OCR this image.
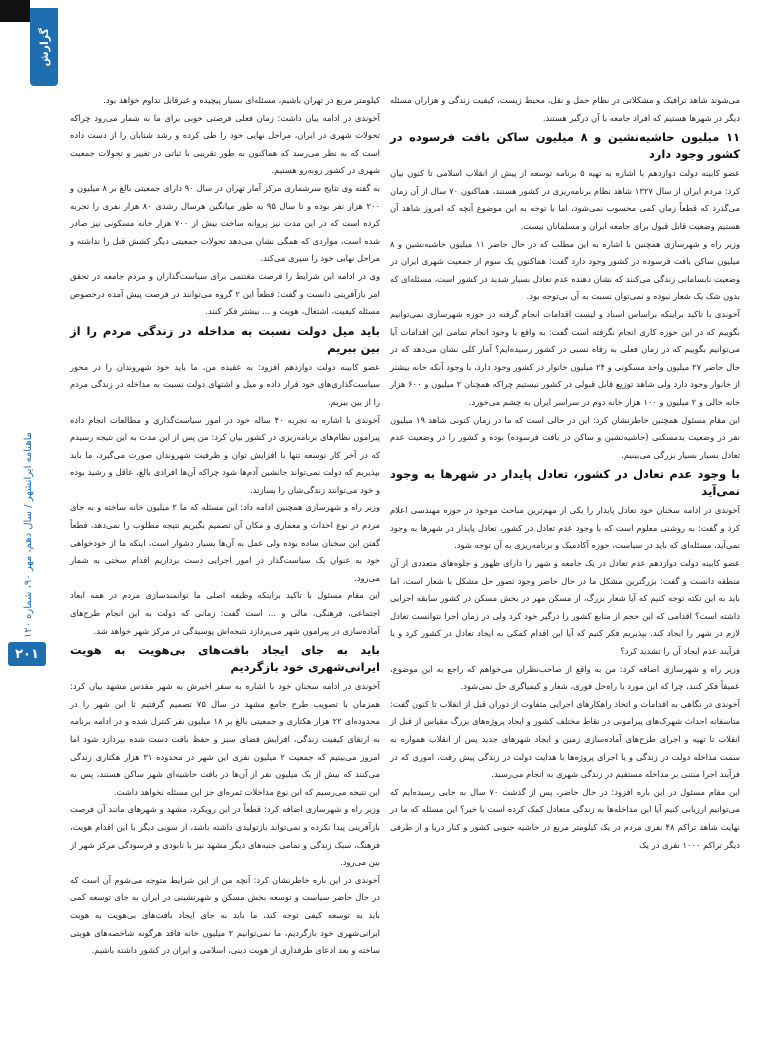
گزارش
ماهنامه ایرانشهر / سال دهم، مهر ۹۰، شماره ۱۲۰
۲۰۱

می‌شوند شاهد ترافیک و مشکلاتی در نظام حمل و نقل، محیط زیست، کیفیت زندگی و هزاران مسئله دیگر در شهرها هستیم که افراد جامعه با آن درگیر هستند.

۱۱ میلیون حاشیه‌نشین و ۸ میلیون ساکن بافت فرسوده در کشور وجود دارد

عضو کابینه دولت دوازدهم با اشاره به تهیه ۵ برنامه توسعه از پیش از انقلاب اسلامی تا کنون بیان کرد: مردم ایران از سال ۱۳۲۷ شاهد نظام برنامه‌ریزی در کشور هستند، هماکنون ۷۰ سال از آن زمان می‌گذرد که قطعاً زمان کمی محسوب نمی‌شود، اما با توجه به این موضوع آنچه که امروز شاهد آن هستیم وضعیت قابل قبول برای جامعه ایران و مسلمانان نیست.

وزیر راه و شهرسازی همچنین با اشاره به این مطلب که در حال حاضر ۱۱ میلیون حاشیه‌نشین و ۸ میلیون ساکن بافت فرسوده در کشور وجود دارد گفت: هماکنون یک سوم از جمعیت شهری ایران در وضعیت نابسامانی زندگی می‌کنند که نشان دهنده عدم تعادل بسیار شدید در کشور است، مسئله‌ای که بدون شک یک شعار نبوده و نمی‌توان نسبت به آن بی‌توجه بود.

آخوندی با تاکید براینکه براساس اسناد و لیست اقدامات انجام گرفته در حوزه شهرسازی نمی‌توانیم بگوییم که در این حوزه کاری انجام نگرفته است گفت: به واقع با وجود انجام تمامی این اقدامات آیا می‌توانیم بگوییم که در زمان فعلی به رفاه نسبی در کشور رسیده‌ایم؟ آمار کلی نشان می‌دهد که در حال حاضر ۲۷ میلیون واحد مسکونی و ۲۴ میلیون خانوار در کشور وجود دارد، با وجود آنکه خانه بیشتر از خانوار وجود دارد ولی شاهد توزیع قابل قبولی در کشور نیستیم چراکه همچنان ۲ میلیون و ۶۰۰ هزار خانه خالی و ۲ میلیون و ۱۰۰ هزار خانه دوم در سراسر ایران به چشم می‌خورد.

این مقام مسئول همچنین خاطرنشان کرد: این در حالی است که ما در زمان کنونی شاهد ۱۹ میلیون نفر در وضعیت بدمسکنی (حاشیه‌نشین و ساکن در بافت فرسوده) بوده و کشور را در وضعیت عدم تعادل بسیار بسیار بزرگی می‌بینیم.

با وجود عدم تعادل در کشور، تعادل پایدار در شهرها به وجود نمی‌آید

آخوندی در ادامه سخنان خود تعادل پایدار را یکی از مهم‌ترین مباحث موجود در حوزه مهندسی اعلام کرد و گفت: به روشنی معلوم است که با وجود عدم تعادل در کشور، تعادل پایدار در شهرها به وجود نمی‌آید، مسئله‌ای که باید در سیاست، حوزه آکادمیک و برنامه‌ریزی به آن توجه شود.

عضو کابینه دولت دوازدهم عدم تعادل در یک جامعه و شهر را دارای ظهور و جلوه‌های متعددی از آن منطقه دانست و گفت: بزرگترین مشکل ما در حال حاضر وجود تصور حل مشکل با شعار است، اما باید به این نکته توجه کنیم که آیا شعار بزرگ، از مسکن مهر در بخش مسکن در کشور سابقه اجرایی داشته است؟ اقدامی که این حجم از منابع کشور را درگیر خود کرد ولی در زمان اجرا نتوانست تعادل لازم در شهر را ایجاد کند. بپذیریم فکر کنیم که آیا این اقدام کمکی به ایجاد تعادل در کشور کرد و یا فرآیند عدم ایجاد آن را تشدید کرد؟

وزیر راه و شهرسازی اضافه کرد: من به واقع از صاحب‌نظران می‌خواهم که راجع به این موضوع، عمیقاً فکر کنند، چرا که این مورد با راه‌حل فوری، شعار و کیمیاگری حل نمی‌شود.

آخوندی در نگاهی به اقدامات و اتخاذ راهکارهای اجرایی متفاوت از دوران قبل از انقلاب تا کنون گفت: متاسفانه احداث شهرک‌های پیرامونی در نقاط مختلف کشور و ایجاد پروژه‌های بزرگ مقیاس از قبل از انقلاب تا تهیه و اجرای طرح‌های آماده‌سازی زمین و ایجاد شهرهای جدید پس از انقلاب همواره به سمت مداخله دولت در زندگی و یا اجرای پروژه‌ها با هدایت دولت در زندگی پیش رفت، اموری که در فرآیند اجرا مبتنی بر مداخله مستقیم در زندگی شهری به انجام می‌رسید.

این مقام مسئول در این باره افزود: در حال حاضر، پس از گذشت ۷۰ سال به جایی رسیده‌ایم که می‌توانیم ارزیابی کنیم آیا این مداخله‌ها به زندگی متعادل کمک کرده است یا خیر؟ این مسئله که ما در نهایت شاهد تراکم ۴۸ نفری مردم در یک کیلومتر مربع در حاشیه جنوبی کشور و کنار دریا و از طرفی دیگر تراکم ۱۰۰۰ نفری در یک

کیلومتر مربع در تهران باشیم، مسئله‌ای بسیار پیچیده و غیرقابل تداوم خواهد بود.

آخوندی در ادامه بیان داشت: زمان فعلی فرصتی خوبی برای ما به شمار می‌رود چراکه تحولات شهری در ایران، مراحل نهایی خود را طی کرده و رشد شتابان را از دست داده است که به نظر می‌رسد که هماکنون به طور تقریبی با ثباتی در تغییر و تحولات جمعیت شهری در کشور روبه‌رو هستیم.

به گفته وی نتایج سرشماری مرکز آمار تهران در سال ۹۰ دارای جمعیتی بالغ بر ۸ میلیون و ۲۰۰ هزار نفر بوده و تا سال ۹۵ به طور میانگین هرسال رشدی ۸۰ هزار نفری را تجربه کرده است که در این مدت نیز پروانه ساخت بیش از ۷۰۰ هزار خانه مسکونی نیز صادر شده است، مواردی که همگی نشان می‌دهد تحولات جمعیتی دیگر کشش قبل را نداشته و مراحل نهایی خود را سپری می‌کند.

وی در ادامه این شرایط را فرصت مغتنمی برای سیاست‌گذاران و مردم جامعه در تحقق امر بازآفرینی دانست و گفت: قطعاً این ۲ گروه می‌توانند در فرصت پیش آمده درخصوص مسئله کیفیت، اشتغال، هویت و ... بیشتر فکر کنند.

باید میل دولت نسبت به مداخله در زندگی مردم را از بین ببریم

عضو کابینه دولت دوازدهم افزود: به عقیده من، ما باید خود شهروندان را در محور سیاست‌گذاری‌های خود قرار داده و میل و اشتهای دولت نسبت به مداخله در زندگی مردم را از بین ببریم.

آخوندی با اشاره به تجربه ۴۰ ساله خود در امور سیاست‌گذاری و مطالعات انجام داده پیرامون نظام‌های برنامه‌ریزی در کشور بیان کرد: من پس از این مدت به این نتیجه رسیدم که در آخر کار توسعه تنها با افزایش توان و ظرفیت شهروندان صورت می‌گیرد، ما باید بپذیریم که دولت نمی‌تواند جانشین آدم‌ها شود چراکه آن‌ها افرادی بالغ، عاقل و رشید بوده و خود می‌توانند زندگی‌شان را بسازند.

وزیر راه و شهرسازی همچنین ادامه داد: این مسئله که ما ۲ میلیون خانه ساخته و به جای مردم در نوع احداث و معماری و مکان آن تصمیم بگیریم نتیجه مطلوب را نمی‌دهد، قطعاً گفتن این سخنان ساده بوده ولی عمل به آن‌ها بسیار دشوار است، اینکه ما از خودخواهی خود به عنوان یک سیاست‌گذار در امور اجرایی دست برداریم اقدام سختی به شمار می‌رود.

این مقام مسئول با تاکید براینکه وظیفه اصلی ما توانمندسازی مردم در همه ابعاد اجتماعی، فرهنگی، مالی و ... است گفت: زمانی که دولت به این انجام طرح‌های آماده‌سازی در پیرامون شهر می‌پردازد نتیجه‌اش پوسیدگی در مرکز شهر خواهد شد.

باید به جای ایجاد بافت‌های بی‌هویت به هویت ایرانی‌شهری خود بازگردیم

آخوندی در ادامه سخنان خود با اشاره به سفر اخیرش به شهر مقدس مشهد بیان کرد: همزمان با تصویب طرح جامع مشهد در سال ۷۵ تصمیم گرفتیم تا این شهر را در محدوده‌ای ۲۲ هزار هکتاری و جمعیتی بالغ بر ۱۸ میلیون نفر کنترل شده و در ادامه برنامه به ارتقای کیفیت زندگی، افزایش فضای سبز و حفظ بافت دست شده بپردازد شود اما امروز می‌بینیم که جمعیت ۲ میلیون نفری این شهر در محدوده ۳۱ هزار هکتاری زندگی می‌کنند که بیش از یک میلیون نفر از آن‌ها در بافت حاشیه‌ای شهر ساکن هستند، پس به این نتیجه می‌رسیم که این نوع مداخلات ثمره‌ای جز این مسئله نخواهد داشت.

وزیر راه و شهرسازی اضافه کرد: قطعاً در این رویکرد، مشهد و شهرهای مانند آن فرصت بازآفرینی پیدا نکرده و نمی‌تواند بازتولیدی داشته باشد، از سویی دیگر با این اقدام هویت، فرهنگ، سبک زندگی و تمامی جنبه‌های دیگر مشهد نیز با نابودی و فرسودگی مرکز شهر از بین می‌رود.

آخوندی در این باره خاطرنشان کرد: آنچه من از این شرایط متوجه می‌شوم آن است که در حال حاضر سیاست و توسعه بخش مسکن و شهرنشینی در ایران به جای توسعه کمی باید به توسعه کیفی توجه کند، ما باید به جای ایجاد بافت‌های بی‌هویت به هویت ایرانی‌شهری خود بازگردیم، ما نمی‌توانیم ۲ میلیون خانه فاقد هرگونه شاخصه‌های هویتی ساخته و بعد ادعای طرفداری از هویت دینی، اسلامی و ایران در کشور داشته باشیم.
